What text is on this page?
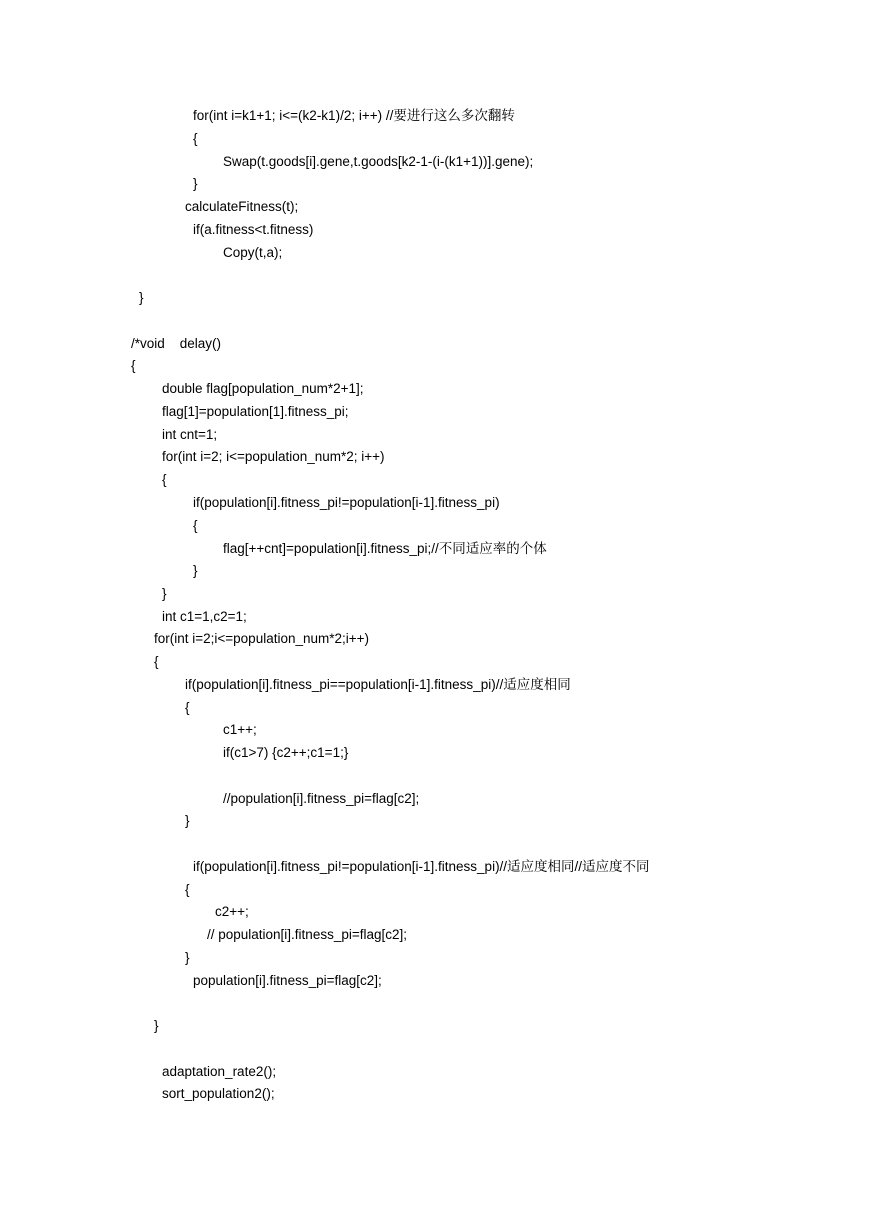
for(int i=k1+1; i<=(k2-k1)/2; i++) //要进行这么多次翻转
{
Swap(t.goods[i].gene,t.goods[k2-1-(i-(k1+1))].gene);
}
calculateFitness(t);
if(a.fitness<t.fitness)
Copy(t,a);
}
/*void    delay()
{
double flag[population_num*2+1];
flag[1]=population[1].fitness_pi;
int cnt=1;
for(int i=2; i<=population_num*2; i++)
{
if(population[i].fitness_pi!=population[i-1].fitness_pi)
{
flag[++cnt]=population[i].fitness_pi;//不同适应率的个体
}
}
int c1=1,c2=1;
for(int i=2;i<=population_num*2;i++)
{
if(population[i].fitness_pi==population[i-1].fitness_pi)//适应度相同
{
c1++;
if(c1>7) {c2++;c1=1;}
//population[i].fitness_pi=flag[c2];
}
if(population[i].fitness_pi!=population[i-1].fitness_pi)//适应度相同//适应度不同
{
c2++;
// population[i].fitness_pi=flag[c2];
}
population[i].fitness_pi=flag[c2];
}
adaptation_rate2();
sort_population2();
